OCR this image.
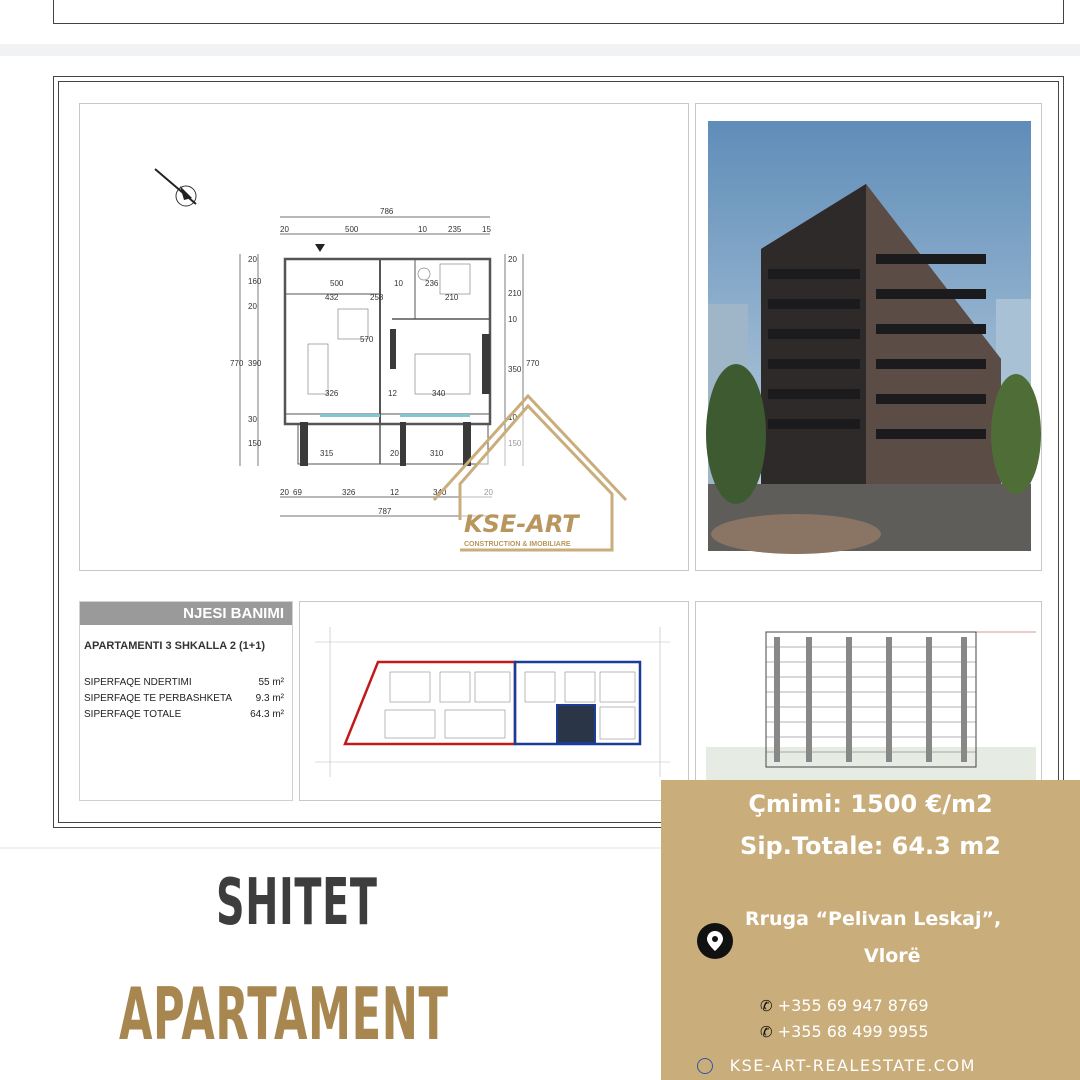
786
20	500	10	235	15
500	10	236
432	258	210
570
326	12	340
315	20	310
20
160
20
770 390
30
150
20
210
10
770
350
10
20 69	326	12	340
787	KSE-ART
CONSTRUCTION & IMOBILIARE
NJESI BANIMI
APARTAMENTI 3 SHKALLA 2 (1+1)
SIPERFAQE NDERTIMI	55 m²
SIPERFAQE TE PERBASHKETA 9.3 m²
SIPERFAQE TOTALE	64.3 m²
SHITET
APARTAMENT
Çmimi: 1500 €/m2
Sip.Totale: 64.3 m2
Rruga “Pelivan Leskaj”,
Vlorë
✆ +355 69 947 8769
✆ +355 68 499 9955
KSE-ART-REALESTATE.COM
